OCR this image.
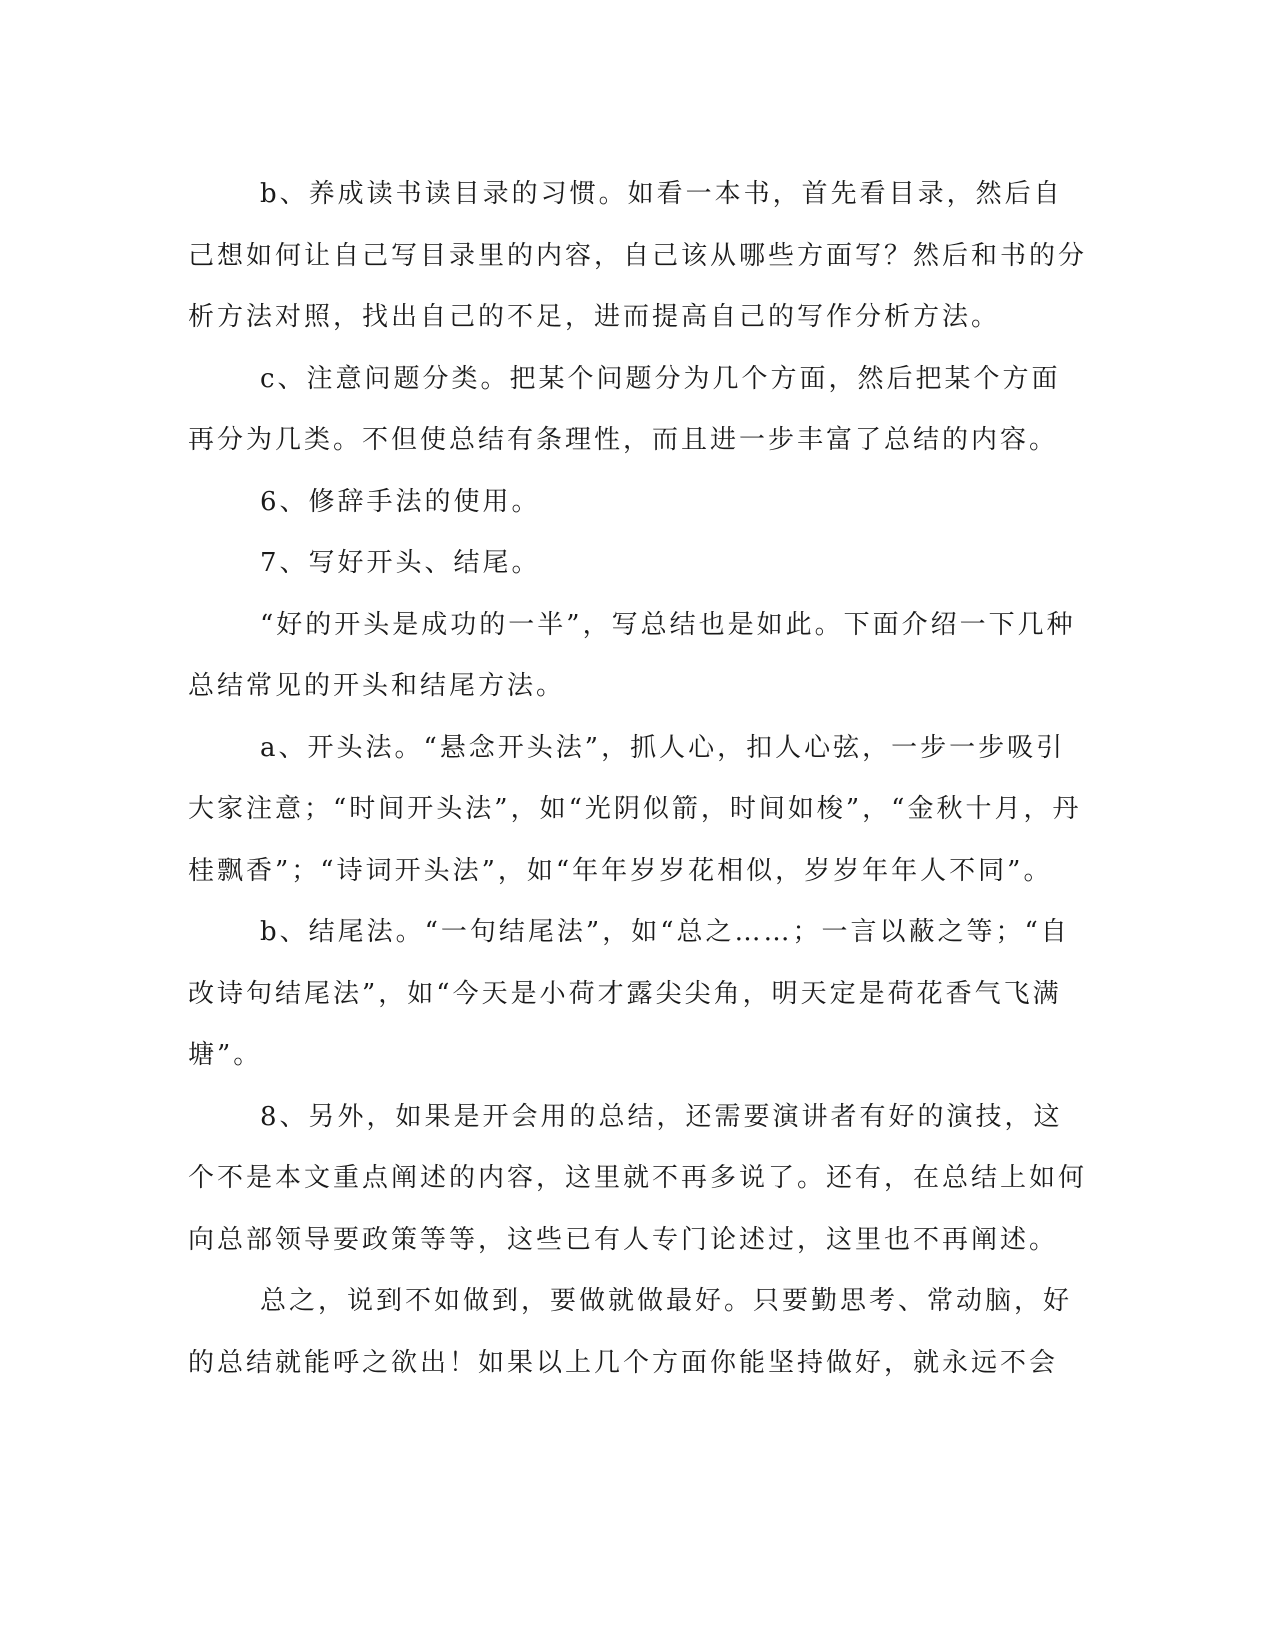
b、养成读书读目录的习惯。如看一本书，首先看目录，然后自己想如何让自己写目录里的内容，自己该从哪些方面写？然后和书的分析方法对照，找出自己的不足，进而提高自己的写作分析方法。

c、注意问题分类。把某个问题分为几个方面，然后把某个方面再分为几类。不但使总结有条理性，而且进一步丰富了总结的内容。

6、修辞手法的使用。

7、写好开头、结尾。

“好的开头是成功的一半”，写总结也是如此。下面介绍一下几种总结常见的开头和结尾方法。

a、开头法。“悬念开头法”，抓人心，扣人心弦，一步一步吸引大家注意；“时间开头法”，如“光阴似箭，时间如梭”，“金秋十月，丹桂飘香”；“诗词开头法”，如“年年岁岁花相似，岁岁年年人不同”。

b、结尾法。“一句结尾法”，如“总之……；一言以蔽之等；“自改诗句结尾法”，如“今天是小荷才露尖尖角，明天定是荷花香气飞满塘”。

8、另外，如果是开会用的总结，还需要演讲者有好的演技，这个不是本文重点阐述的内容，这里就不再多说了。还有，在总结上如何向总部领导要政策等等，这些已有人专门论述过，这里也不再阐述。

总之，说到不如做到，要做就做最好。只要勤思考、常动脑，好的总结就能呼之欲出！如果以上几个方面你能坚持做好，就永远不会
